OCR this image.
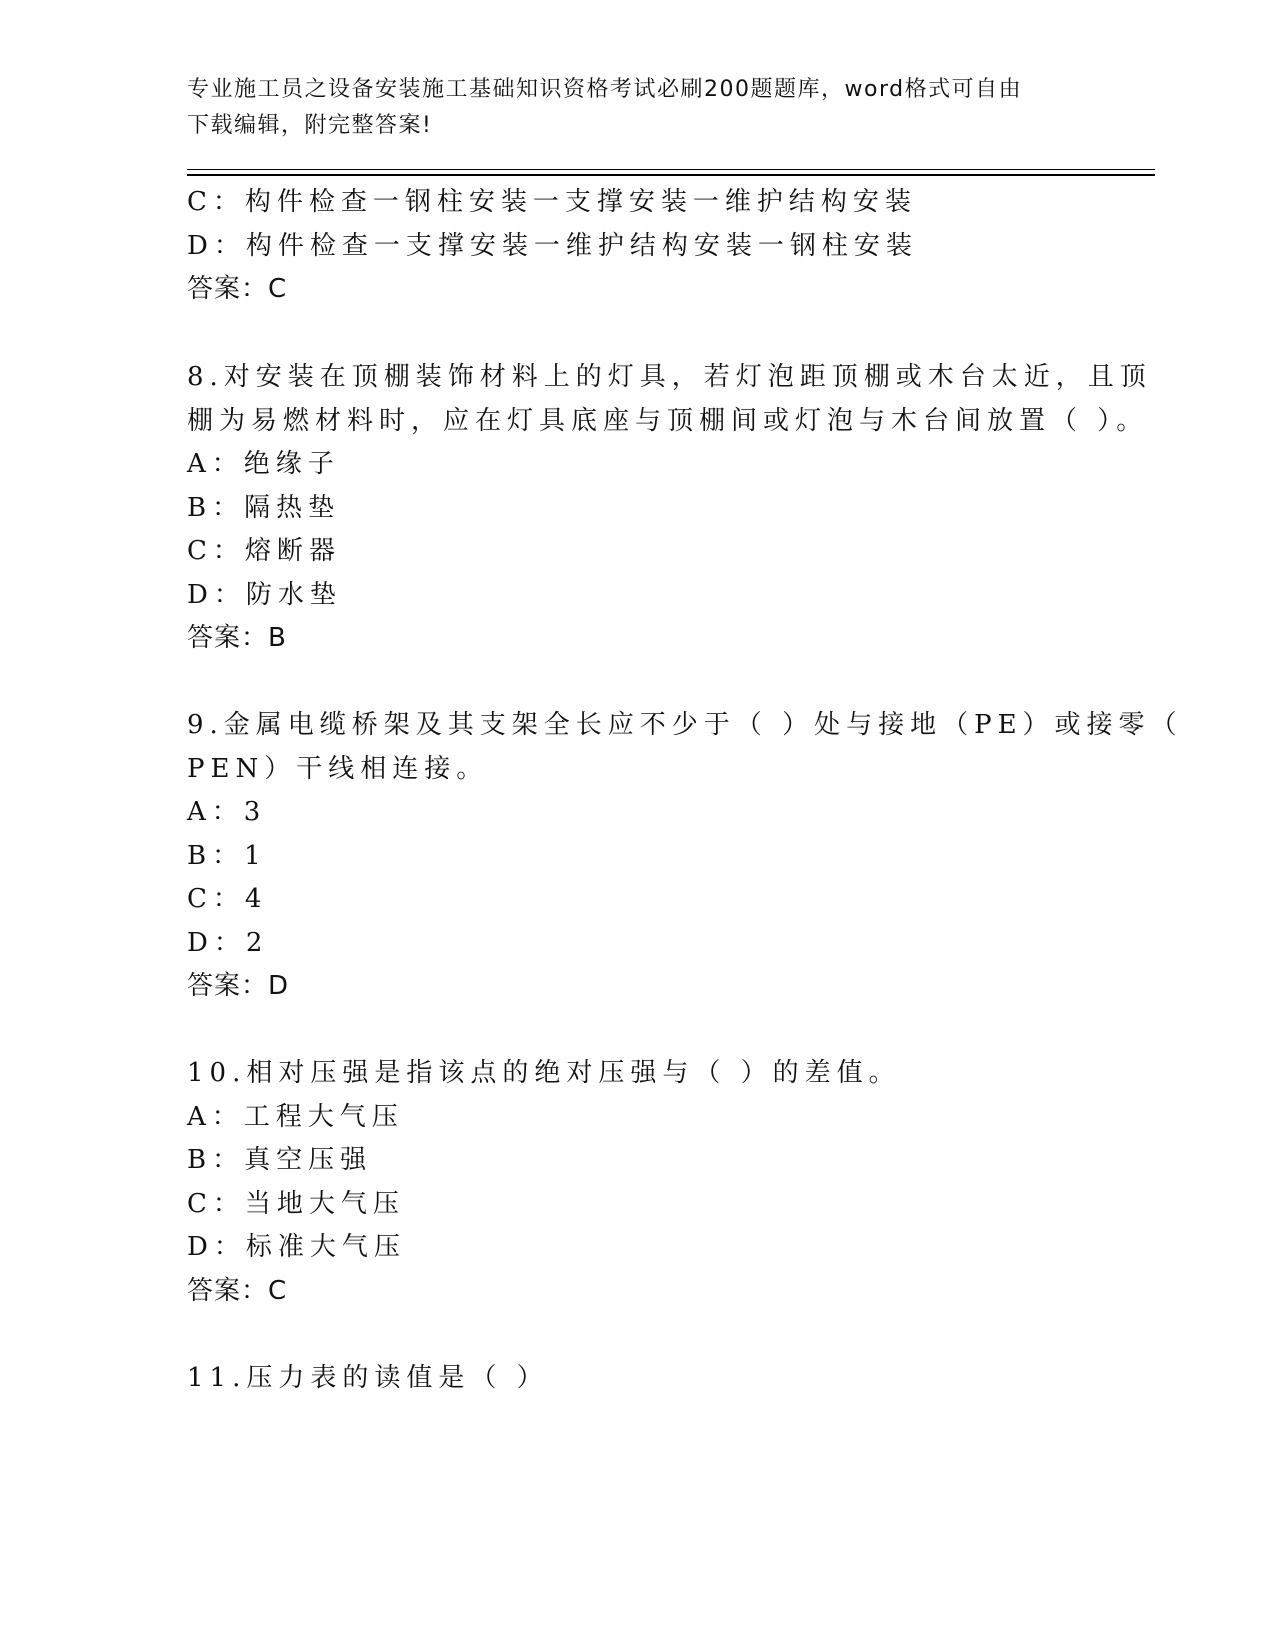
专业施工员之设备安装施工基础知识资格考试必刷200题题库，word格式可自由
下载编辑，附完整答案!
C：构件检查一钢柱安装一支撑安装一维护结构安装
D：构件检查一支撑安装一维护结构安装一钢柱安装
答案：C
8.对安装在顶棚装饰材料上的灯具，若灯泡距顶棚或木台太近，且顶
棚为易燃材料时，应在灯具底座与顶棚间或灯泡与木台间放置（ ）。
A：绝缘子
B：隔热垫
C：熔断器
D：防水垫
答案：B
9.金属电缆桥架及其支架全长应不少于（ ）处与接地（PE）或接零（
PEN）干线相连接。
A：3
B：1
C：4
D：2
答案：D
10.相对压强是指该点的绝对压强与（ ）的差值。
A：工程大气压
B：真空压强
C：当地大气压
D：标准大气压
答案：C
11.压力表的读值是（ ）
